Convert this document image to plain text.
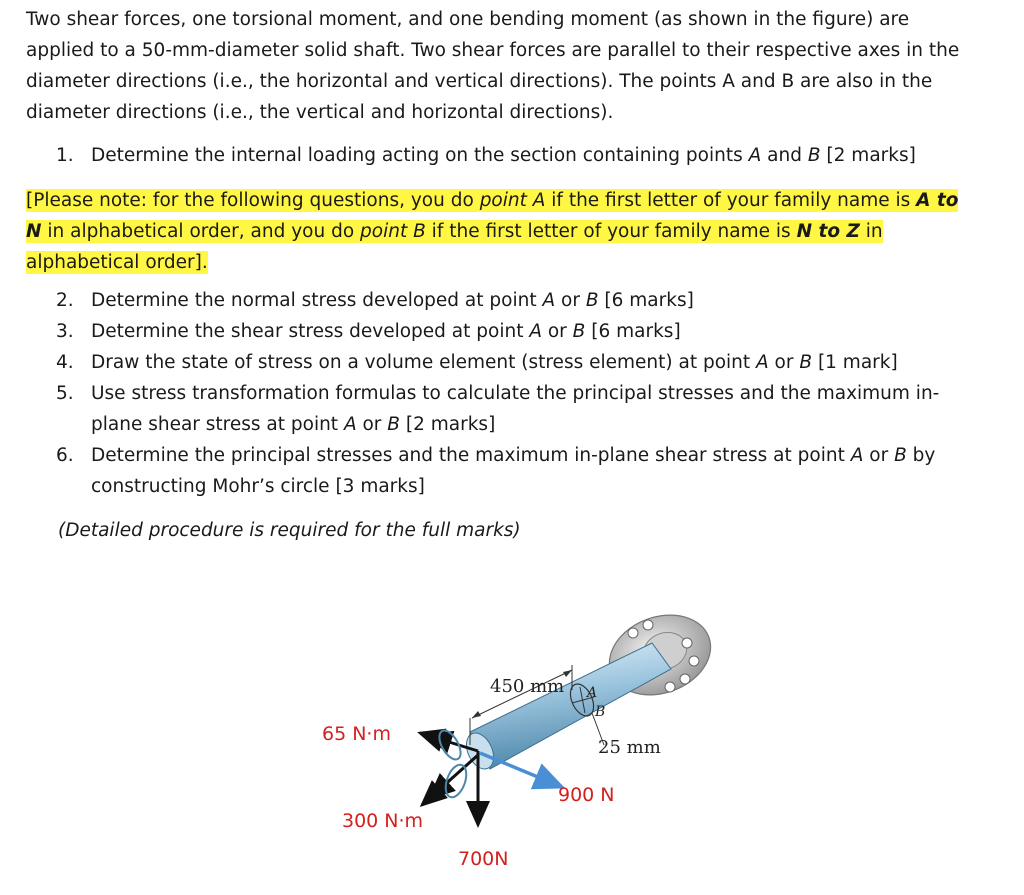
Two shear forces, one torsional moment, and one bending moment (as shown in the figure) are applied to a 50-mm-diameter solid shaft. Two shear forces are parallel to their respective axes in the diameter directions (i.e., the horizontal and vertical directions). The points A and B are also in the diameter directions (i.e., the vertical and horizontal directions).

1. Determine the internal loading acting on the section containing points A and B [2 marks]

[Please note: for the following questions, you do point A if the first letter of your family name is A to N in alphabetical order, and you do point B if the first letter of your family name is N to Z in alphabetical order].

2. Determine the normal stress developed at point A or B [6 marks]
3. Determine the shear stress developed at point A or B [6 marks]
4. Draw the state of stress on a volume element (stress element) at point A or B [1 mark]
5. Use stress transformation formulas to calculate the principal stresses and the maximum in-plane shear stress at point A or B [2 marks]
6. Determine the principal stresses and the maximum in-plane shear stress at point A or B by constructing Mohr’s circle [3 marks]

(Detailed procedure is required for the full marks)

A
B
450 mm
25 mm
65 N·m
300 N·m
900 N
700N
